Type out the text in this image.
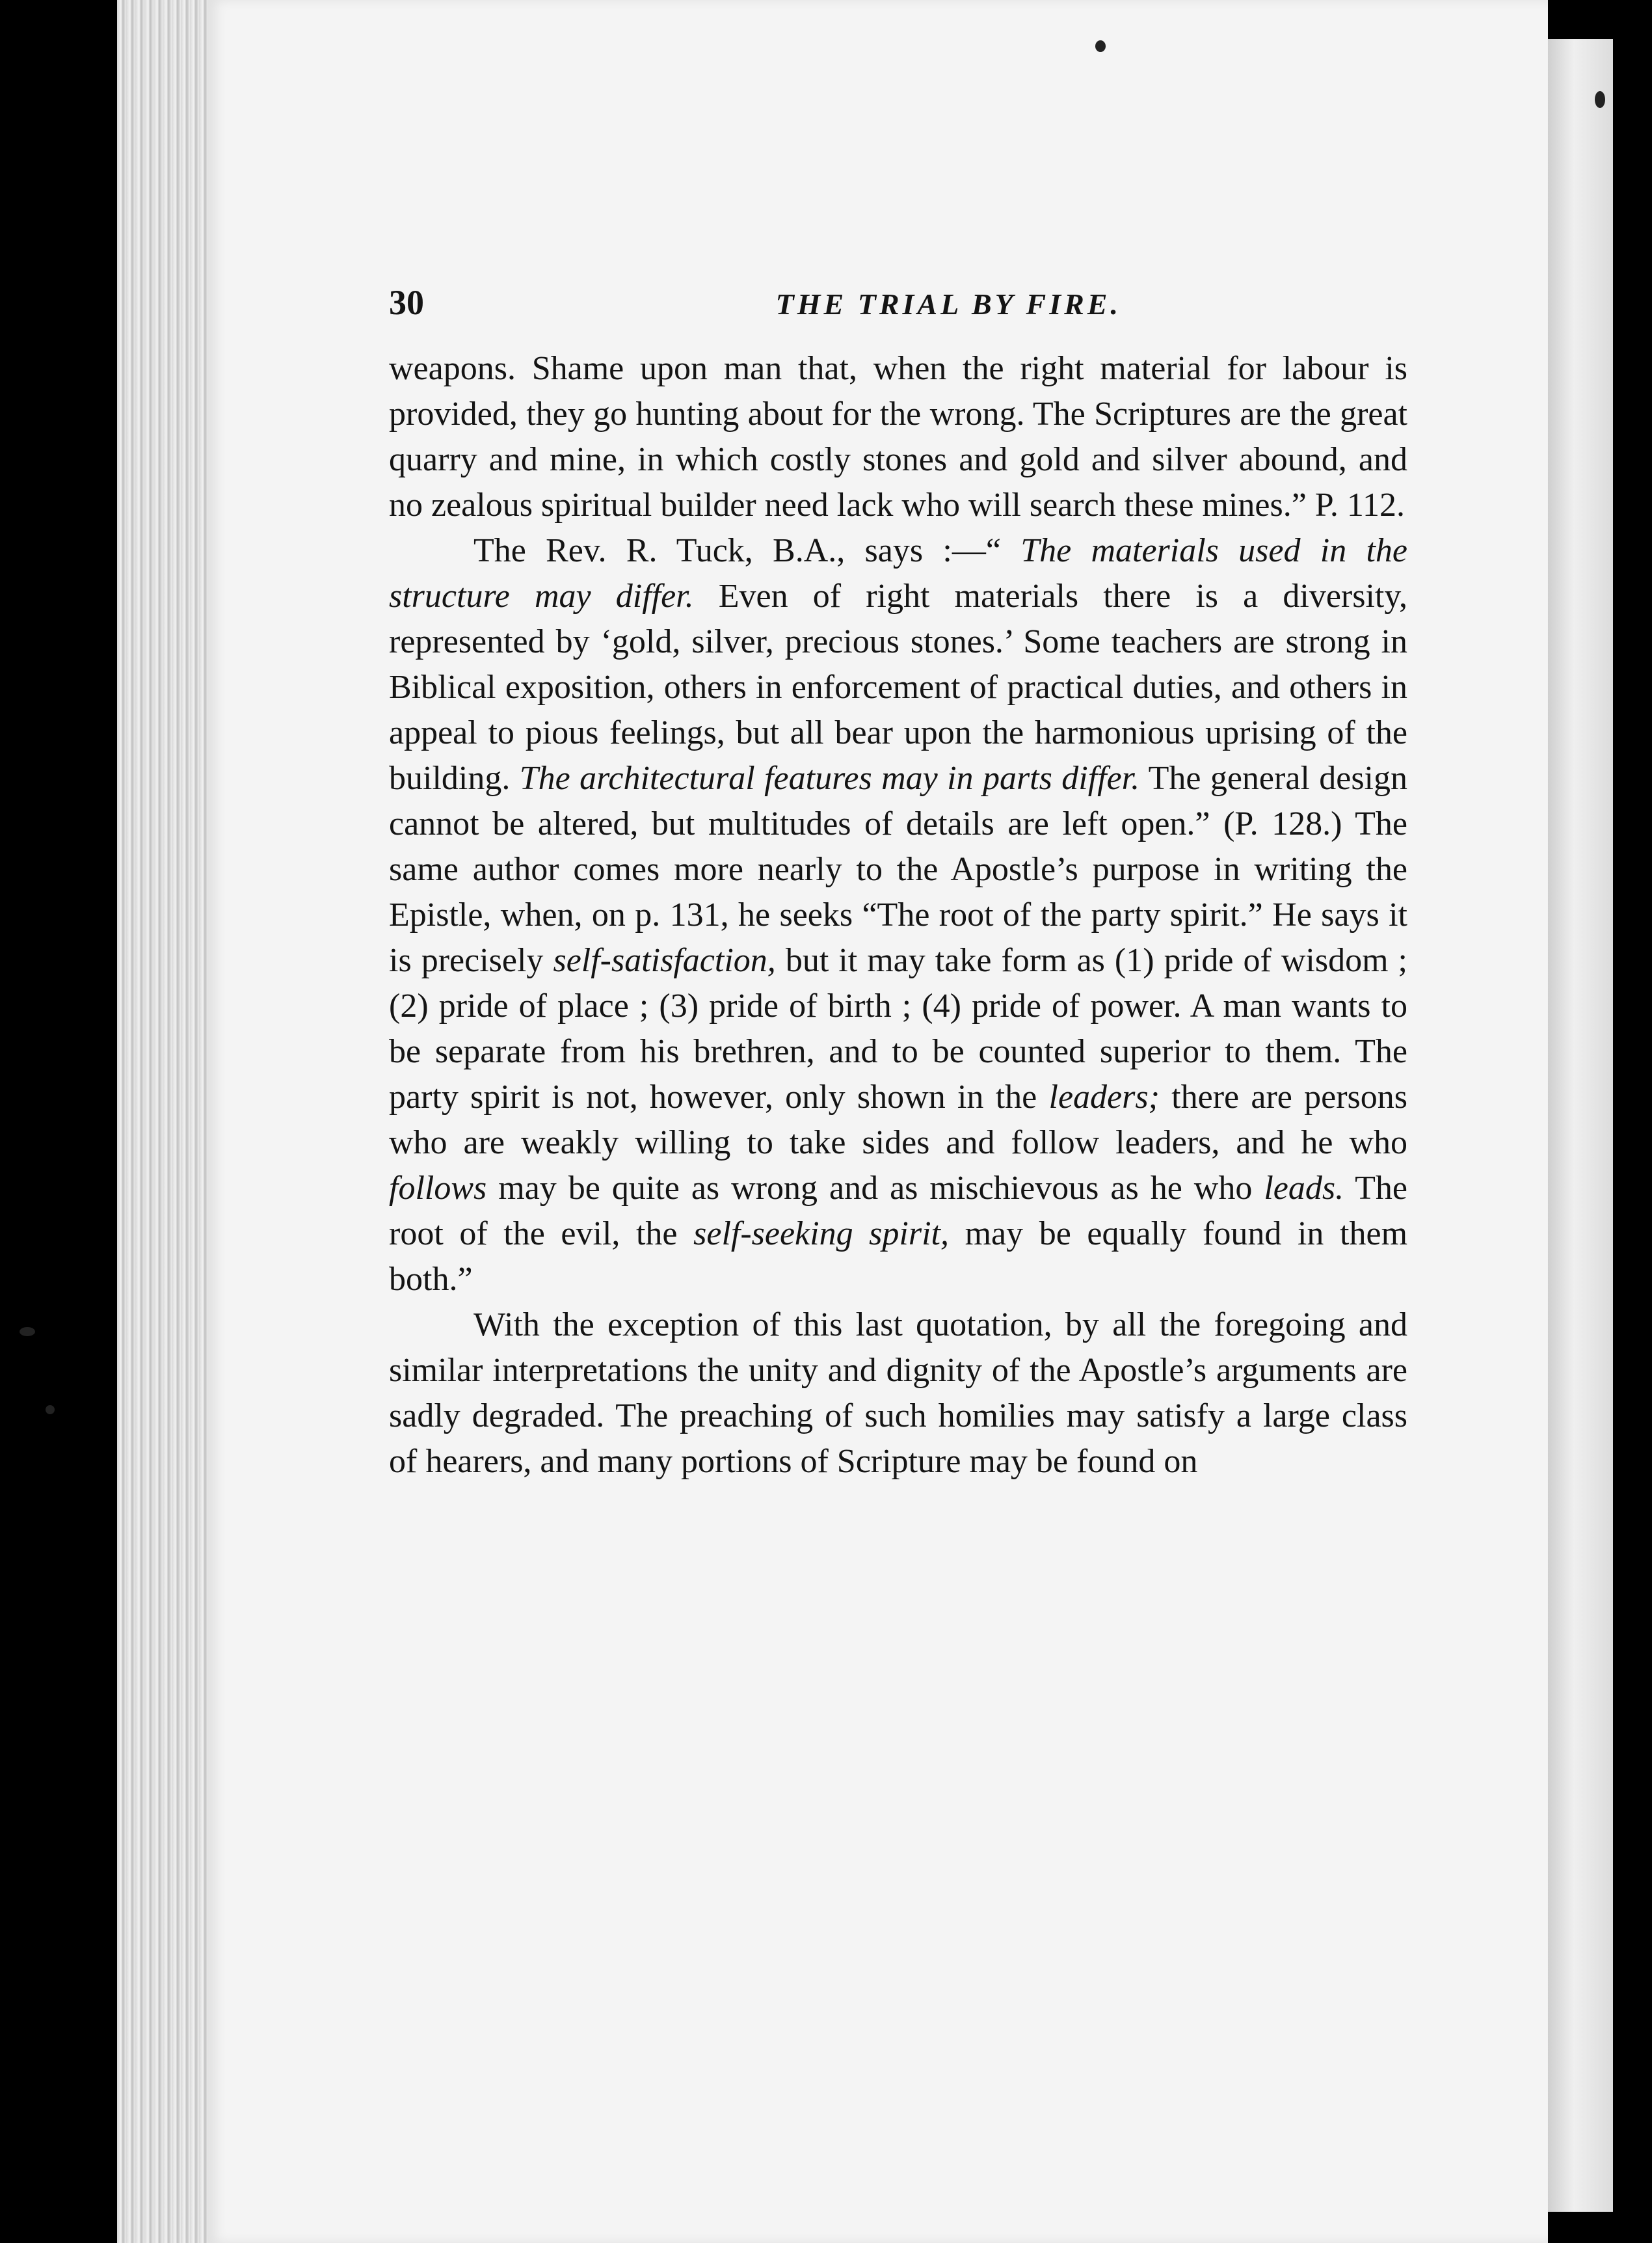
30	THE TRIAL BY FIRE.

weapons. Shame upon man that, when the right material for labour is provided, they go hunting about for the wrong. The Scriptures are the great quarry and mine, in which costly stones and gold and silver abound, and no zealous spiritual builder need lack who will search these mines.” P. 112.

The Rev. R. Tuck, B.A., says :—“ The materials used in the structure may differ. Even of right materials there is a diversity, represented by ‘gold, silver, precious stones.’ Some teachers are strong in Biblical exposition, others in enforcement of practical duties, and others in appeal to pious feelings, but all bear upon the harmonious uprising of the building. The architectural features may in parts differ. The general design cannot be altered, but multitudes of details are left open.” (P. 128.) The same author comes more nearly to the Apostle’s purpose in writing the Epistle, when, on p. 131, he seeks “The root of the party spirit.” He says it is precisely self-satisfaction, but it may take form as (1) pride of wisdom ; (2) pride of place ; (3) pride of birth ; (4) pride of power. A man wants to be separate from his brethren, and to be counted superior to them. The party spirit is not, however, only shown in the leaders; there are persons who are weakly willing to take sides and follow leaders, and he who follows may be quite as wrong and as mischievous as he who leads. The root of the evil, the self-seeking spirit, may be equally found in them both.”

With the exception of this last quotation, by all the foregoing and similar interpretations the unity and dignity of the Apostle’s arguments are sadly degraded. The preaching of such homilies may satisfy a large class of hearers, and many portions of Scripture may be found on
